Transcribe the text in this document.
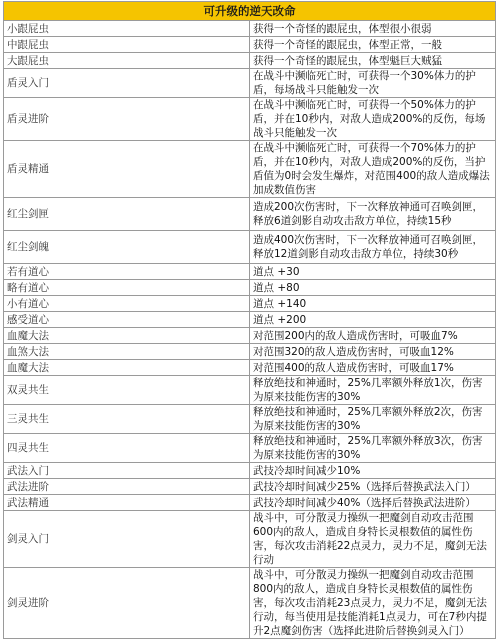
可升级的逆天改命	
小跟屁虫	获得一个奇怪的跟屁虫，体型很小很弱
中跟屁虫	获得一个奇怪的跟屁虫，体型正常，一般
大跟屁虫	获得一个奇怪的跟屁虫，体型魁巨大贼猛
盾灵入门	在战斗中濒临死亡时，可获得一个30%体力的护盾，每场战斗只能触发一次
盾灵进阶	在战斗中濒临死亡时，可获得一个50%体力的护盾，并在10秒内，对敌人造成200%的反伤，每场战斗只能触发一次
盾灵精通	在战斗中濒临死亡时，可获得一个70%体力的护盾，并在10秒内，对敌人造成200%的反伤，当护盾值为0时会发生爆炸，对范围400的敌人造成爆法加成数值伤害
红尘剑匣	造成200次伤害时，下一次释放神通可召唤剑匣，释放6道剑影自动攻击敌方单位，持续15秒
红尘剑魄	造成400次伤害时，下一次释放神通可召唤剑匣，释放12道剑影自动攻击敌方单位，持续30秒
若有道心	道点 +30
略有道心	道点 +80
小有道心	道点 +140
感受道心	道点 +200
血魔大法	对范围200内的敌人造成伤害时，可吸血7%
血煞大法	对范围320的敌人造成伤害时，可吸血12%
血魔大法	对范围400的敌人造成伤害时，可吸血17%
双灵共生	释放绝技和神通时，25%几率额外释放1次，伤害为原来技能伤害的30%
三灵共生	释放绝技和神通时，25%几率额外释放2次，伤害为原来技能伤害的30%
四灵共生	释放绝技和神通时，25%几率额外释放3次，伤害为原来技能伤害的30%
武法入门	武技冷却时间减少10%
武法进阶	武技冷却时间减少25%（选择后替换武法入门）
武法精通	武技冷却时间减少40%（选择后替换武法进阶）
剑灵入门	战斗中，可分散灵力操纵一把魔剑自动攻击范围600内的敌人，造成自身特长灵根数值的属性伤害，每次攻击消耗22点灵力，灵力不足，魔剑无法行动
剑灵进阶	战斗中，可分散灵力操纵一把魔剑自动攻击范围800内的敌人，造成自身特长灵根数值的属性伤害，每次攻击消耗23点灵力，灵力不足，魔剑无法行动，每当使用是技能消耗1点灵力，可在7秒内提升2点魔剑伤害（选择此进阶后替换剑灵入门）
